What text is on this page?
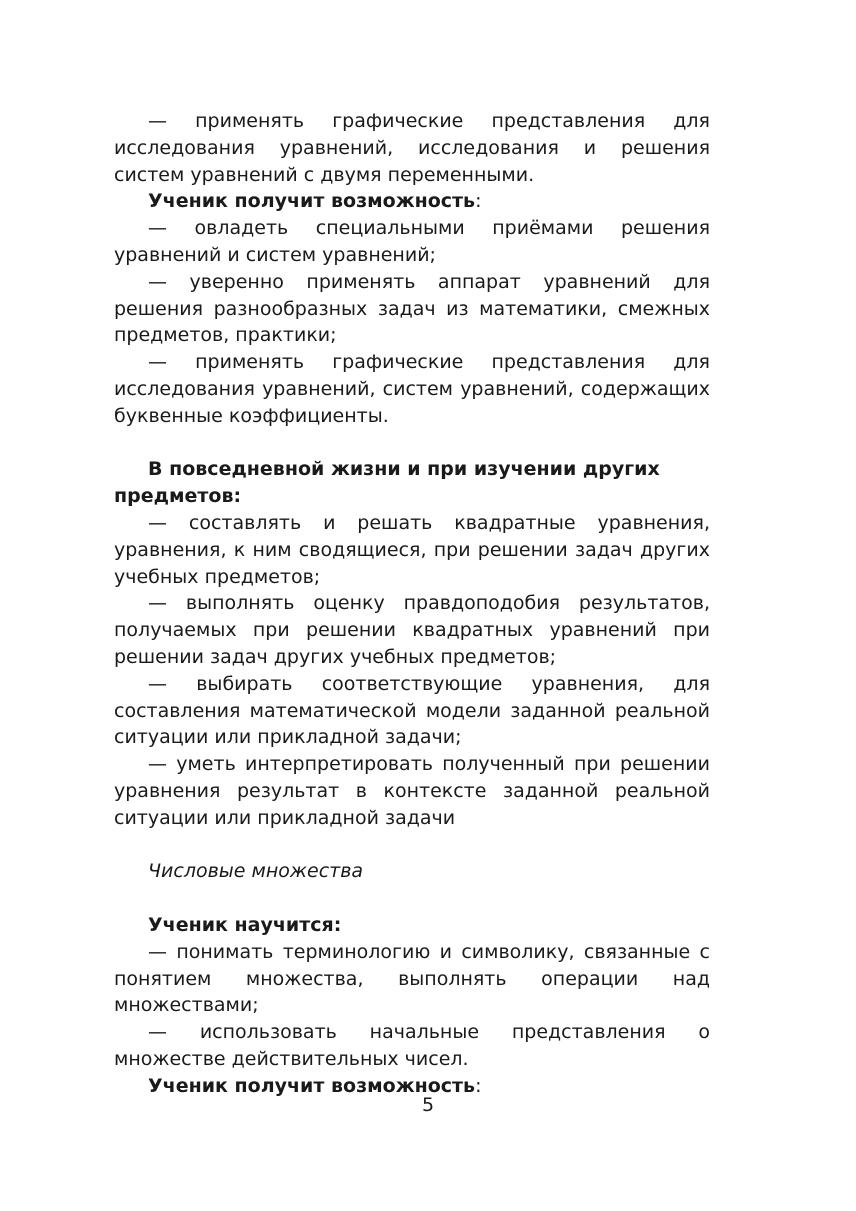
— применять графические представления для исследования уравнений, исследования и решения систем уравнений с двумя переменными.

Ученик получит возможность:

— овладеть специальными приёмами решения уравнений и систем уравнений;

— уверенно применять аппарат уравнений для решения разнообразных задач из математики, смежных предметов, практики;

— применять графические представления для исследования уравнений, систем уравнений, содержащих буквенные коэффициенты.

В повседневной жизни и при изучении других предметов:

— составлять и решать квадратные уравнения, уравнения, к ним сводящиеся, при решении задач других учебных предметов;

— выполнять оценку правдоподобия результатов, получаемых при решении квадратных уравнений при решении задач других учебных предметов;

— выбирать соответствующие уравнения, для составления математической модели заданной реальной ситуации или прикладной задачи;

— уметь интерпретировать полученный при решении уравнения результат в контексте заданной реальной ситуации или прикладной задачи

Числовые множества

Ученик научится:

— понимать терминологию и символику, связанные с понятием множества, выполнять операции над множествами;

— использовать начальные представления о множестве действительных чисел.

Ученик получит возможность:

5
